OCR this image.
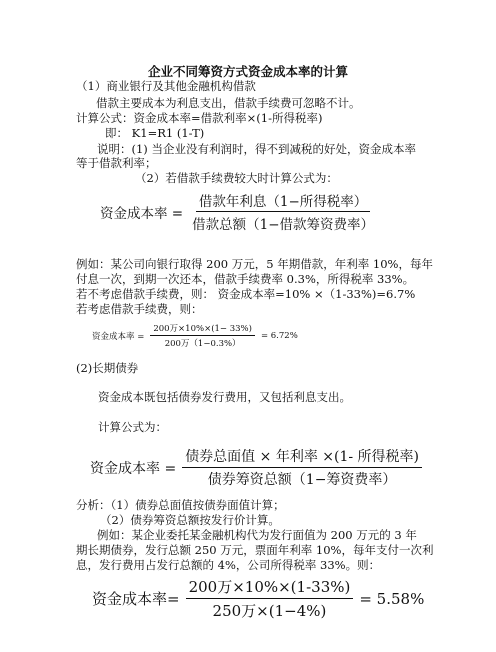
企业不同筹资方式资金成本率的计算
（1）商业银行及其他金融机构借款
借款主要成本为利息支出，借款手续费可忽略不计。
计算公式：资金成本率=借款利率×(1-所得税率)
即： K1=R1 (1-T)
说明：(1) 当企业没有利润时，得不到减税的好处，资金成本率
等于借款利率；
（2）若借款手续费较大时计算公式为：
资金成本率 = $\frac{\text{借款年利息（1−所得税率）}}{\text{借款总额（1−借款筹资费率）}}$
例如：某公司向银行取得 200 万元，5 年期借款，年利率 10%，每年
付息一次，到期一次还本，借款手续费率 0.3%，所得税率 33%。
若不考虑借款手续费，则： 资金成本率=10% ×（1-33%)=6.7%
若考虑借款手续费，则：
资金成本率 = $\frac{\text{200万×10\%×(1− 33\%)}}{\text{200万（1−0.3\%）}} = 6.72\%$
(2)长期债券
资金成本既包括债券发行费用，又包括利息支出。
计算公式为：
资金成本率 = $\frac{\text{债券总面值 × 年利率 ×(1- 所得税率)}}{\text{债券筹资总额（1−筹资费率）}}$
分析：（1）债券总面值按债券面值计算；
（2）债券筹资总额按发行价计算。
例如：某企业委托某金融机构代为发行面值为 200 万元的 3 年
期长期债券，发行总额 250 万元，票面年利率 10%，每年支付一次利
息，发行费用占发行总额的 4%，公司所得税率 33%。则：
资金成本率= $\frac{\text{200万×10\%×(1-33\%)}}{\text{250万×(1−4\%)}} = 5.58\%$
